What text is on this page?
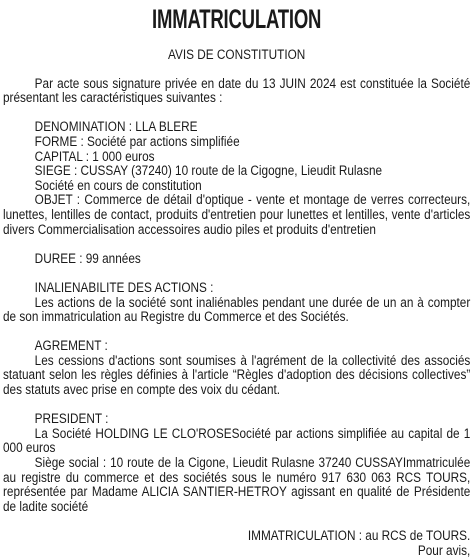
IMMATRICULATION
AVIS DE CONSTITUTION

Par acte sous signature privée en date du 13 JUIN 2024 est constituée la Société présentant les caractéristiques suivantes :

DENOMINATION : LLA BLERE

FORME : Société par actions simplifiée

CAPITAL : 1 000 euros

SIEGE : CUSSAY (37240) 10 route de la Cigogne, Lieudit Rulasne

Société en cours de constitution

OBJET : Commerce de détail d'optique - vente et montage de verres correcteurs, lunettes, lentilles de contact, produits d'entretien pour lunettes et lentilles, vente d'articles divers Commercialisation accessoires audio piles et produits d'entretien

DUREE : 99 années

INALIENABILITE DES ACTIONS :

Les actions de la société sont inaliénables pendant une durée de un an à compter de son immatriculation au Registre du Commerce et des Sociétés.

AGREMENT :

Les cessions d'actions sont soumises à l'agrément de la collectivité des associés statuant selon les règles définies à l'article “Règles d'adoption des décisions collectives” des statuts avec prise en compte des voix du cédant.

PRESIDENT :

La Société HOLDING LE CLO'ROSESociété par actions simplifiée au capital de 1 000 euros

Siège social : 10 route de la Cigone, Lieudit Rulasne 37240 CUSSAYImmatriculée au registre du commerce et des sociétés sous le numéro 917 630 063 RCS TOURS, représentée par Madame ALICIA SANTIER-HETROY agissant en qualité de Présidente de ladite société

IMMATRICULATION : au RCS de TOURS.

Pour avis,
